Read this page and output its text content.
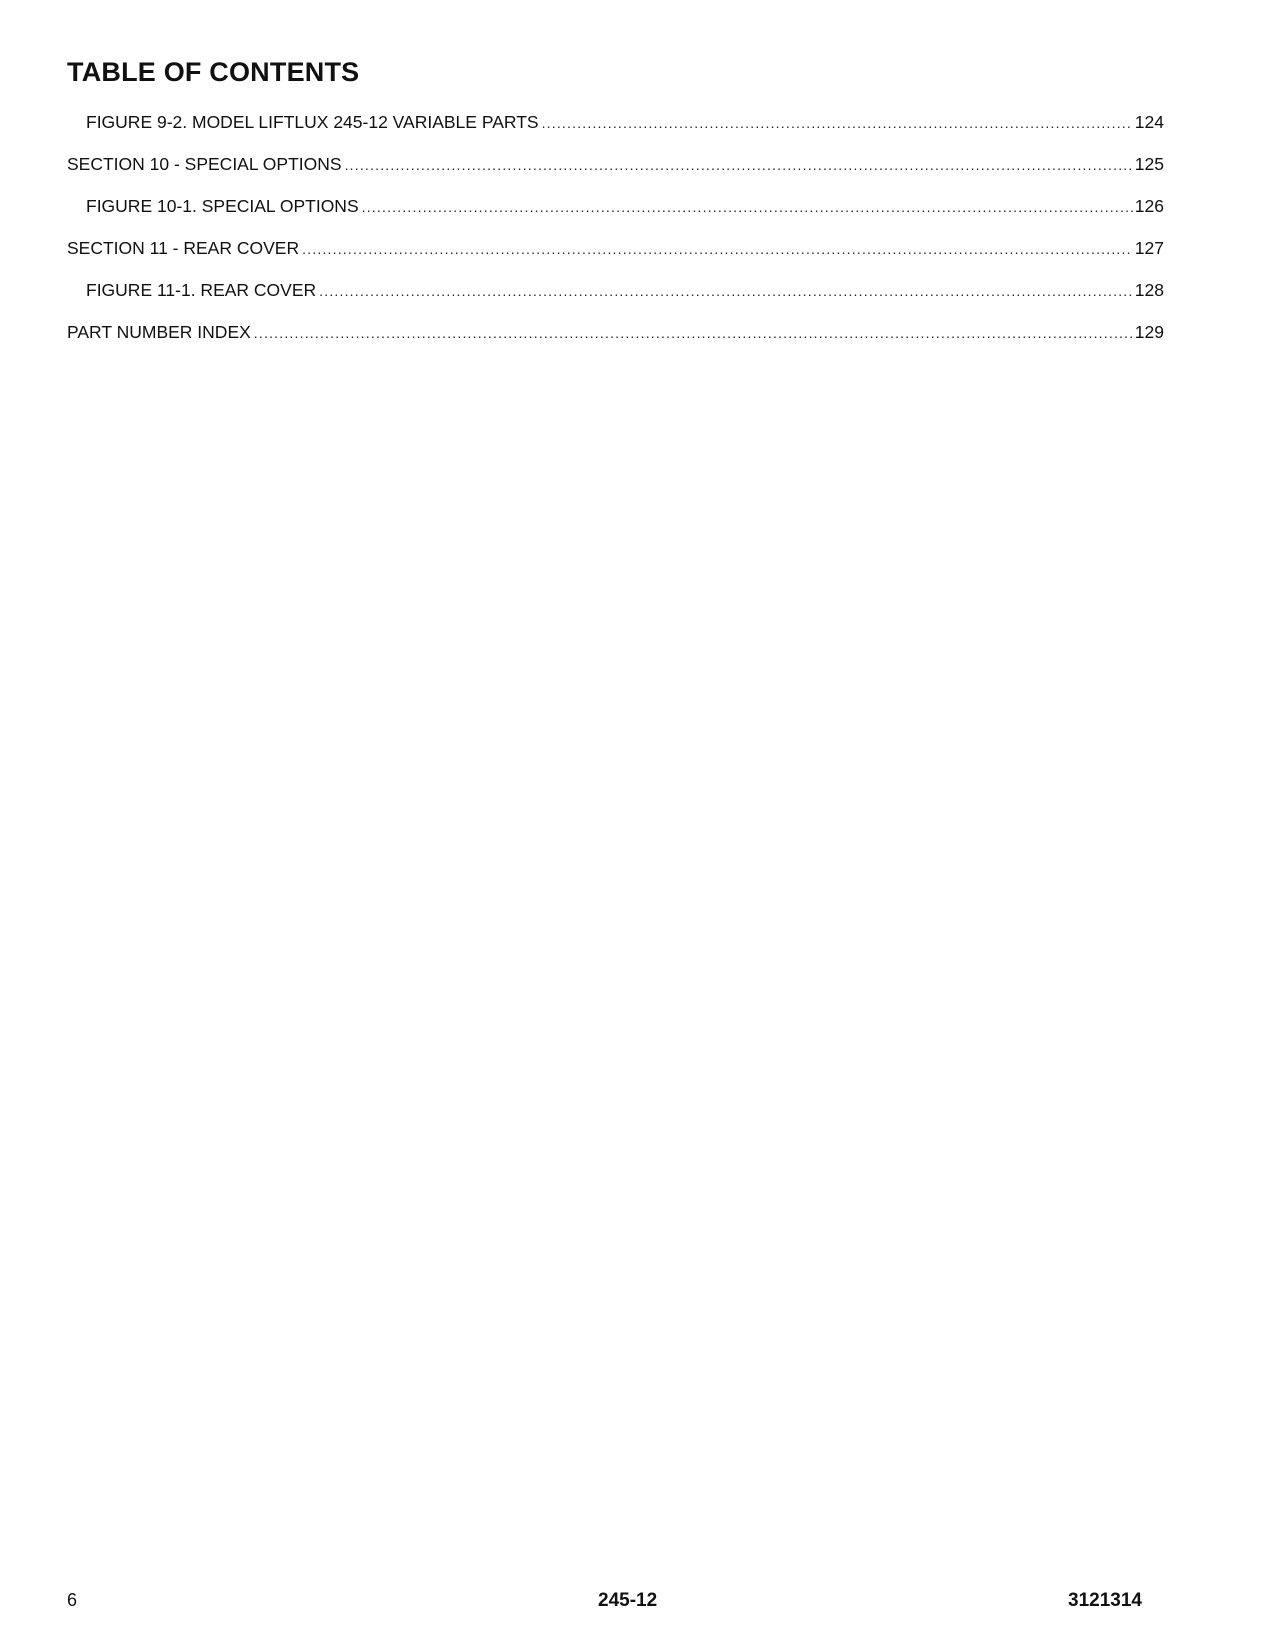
TABLE OF CONTENTS
FIGURE 9-2. MODEL LIFTLUX 245-12 VARIABLE PARTS .....	124
SECTION 10 - SPECIAL OPTIONS .....	125
FIGURE 10-1. SPECIAL OPTIONS .....	126
SECTION 11 - REAR COVER .....	127
FIGURE 11-1. REAR COVER .....	128
PART NUMBER INDEX .....	129
6	245-12	3121314
